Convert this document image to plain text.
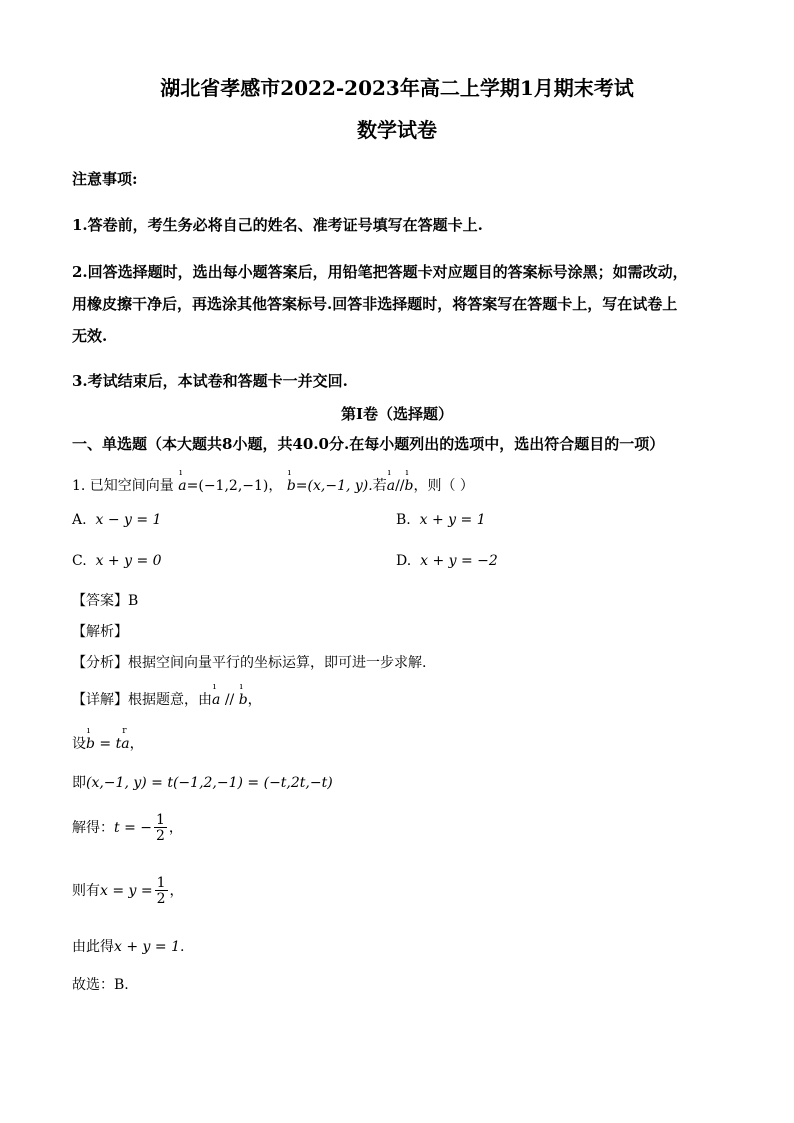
湖北省孝感市2022-2023年高二上学期1月期末考试
数学试卷
注意事项:
1.答卷前，考生务必将自己的姓名、准考证号填写在答题卡上.
2.回答选择题时，选出每小题答案后，用铅笔把答题卡对应题目的答案标号涂黑；如需改动，
用橡皮擦干净后，再选涂其他答案标号.回答非选择题时，将答案写在答题卡上，写在试卷上
无效.
3.考试结束后，本试卷和答题卡一并交回.
第I卷（选择题）
一、单选题（本大题共8小题，共40.0分.在每小题列出的选项中，选出符合题目的一项）
1. 已知空间向量
ı
a=(−1,2,−1)，
ı
b=(x,−1, y).若
ı
a//
ı
b，则（ ）
A. x − y = 1	B. x + y = 1
C. x + y = 0	D. x + y = −2
【答案】B
【解析】
【分析】根据空间向量平行的坐标运算，即可进一步求解.
【详解】根据题意，由
ı
a //
ı
b，
设
ı
b = t
r
a，
即(x,−1, y) = t(−1,2,−1) = (−t,2t,−t)
解得：t = − $\frac{1}{2}$ ，
则有$x = y = \frac{1}{2}$ ，
由此得x + y = 1.
故选：B.
